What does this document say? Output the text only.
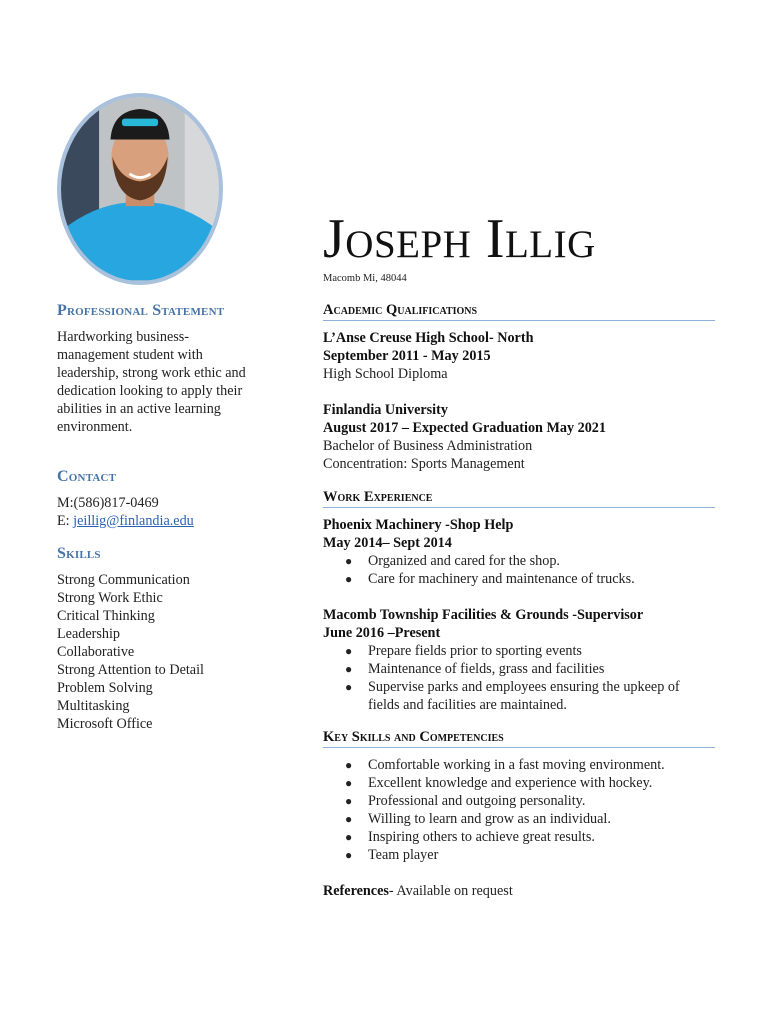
Professional Statement
Hardworking business-
management student with
leadership, strong work ethic and
dedication looking to apply their
abilities in an active learning
environment.
Contact
M:(586)817-0469
E: jeillig@finlandia.edu
Skills
Strong Communication
Strong Work Ethic
Critical Thinking
Leadership
Collaborative
Strong Attention to Detail
Problem Solving
Multitasking
Microsoft Office
Joseph Illig
Macomb Mi, 48044
Academic Qualifications
L’Anse Creuse High School- North
September 2011 - May 2015
High School Diploma
Finlandia University
August 2017 – Expected Graduation May 2021
Bachelor of Business Administration
Concentration: Sports Management
Work Experience
Phoenix Machinery -Shop Help
May 2014– Sept 2014
● Organized and cared for the shop.
● Care for machinery and maintenance of trucks.
Macomb Township Facilities & Grounds -Supervisor
June 2016 –Present
● Prepare fields prior to sporting events
● Maintenance of fields, grass and facilities
● Supervise parks and employees ensuring the upkeep of
fields and facilities are maintained.
Key Skills and Competencies
● Comfortable working in a fast moving environment.
● Excellent knowledge and experience with hockey.
● Professional and outgoing personality.
● Willing to learn and grow as an individual.
● Inspiring others to achieve great results.
● Team player
References- Available on request
